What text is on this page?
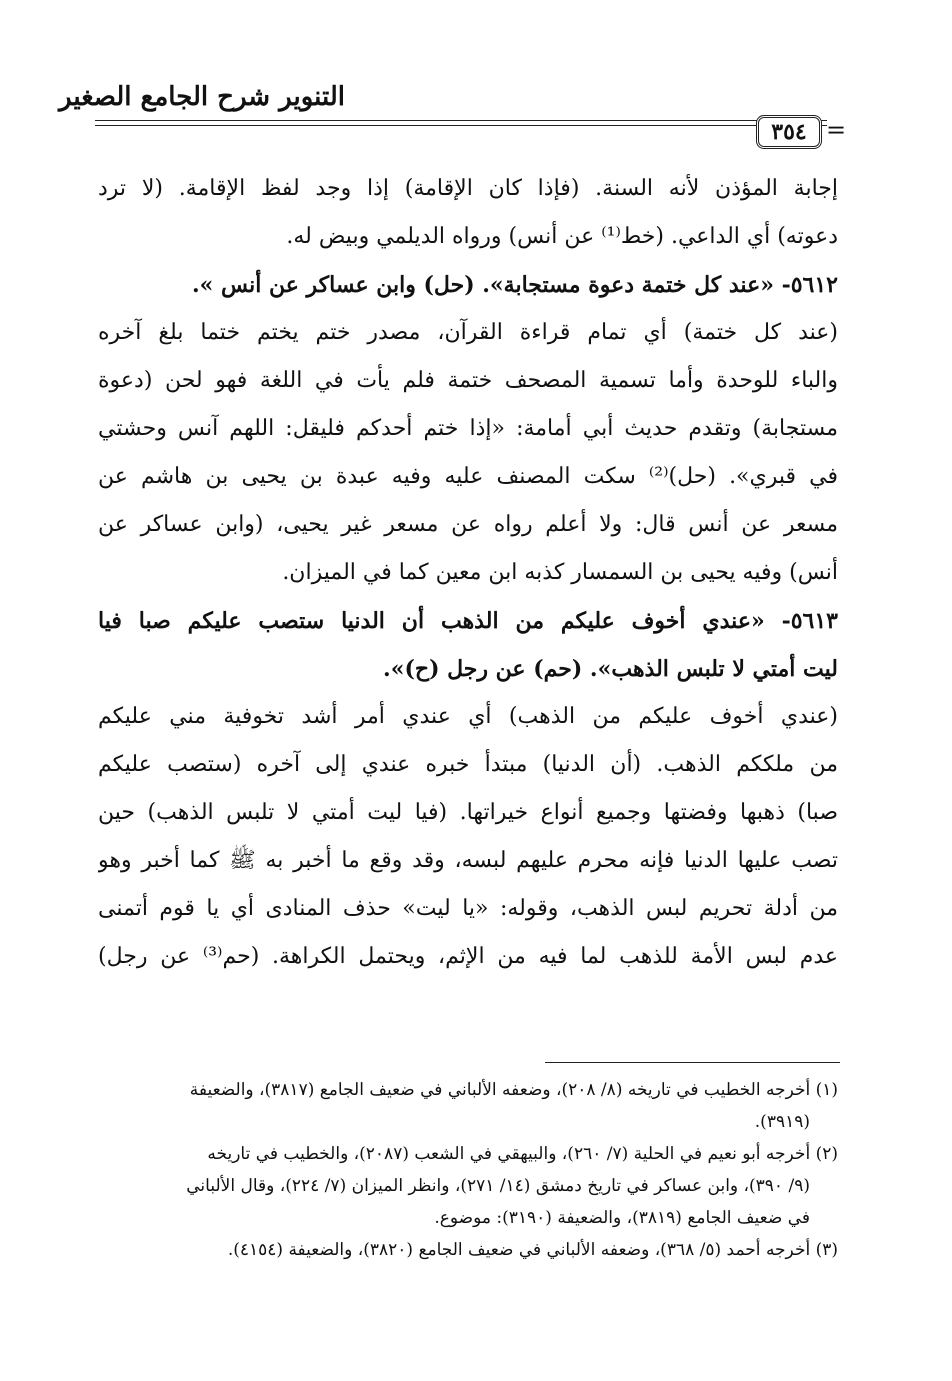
التنوير شرح الجامع الصغير
٣٥٤ =
إجابة المؤذن لأنه السنة. (فإذا كان الإقامة) إذا وجد لفظ الإقامة. (لا ترد
دعوته) أي الداعي. (خط⁽¹⁾ عن أنس) ورواه الديلمي وبيض له.
٥٦١٢- «عند كل ختمة دعوة مستجابة». (حل) وابن عساكر عن أنس ».
(عند كل ختمة) أي تمام قراءة القرآن، مصدر ختم يختم ختما بلغ آخره
والباء للوحدة وأما تسمية المصحف ختمة فلم يأت في اللغة فهو لحن (دعوة
مستجابة) وتقدم حديث أبي أمامة: «إذا ختم أحدكم فليقل: اللهم آنس وحشتي
في قبري». (حل)⁽²⁾ سكت المصنف عليه وفيه عبدة بن يحيى بن هاشم عن
مسعر عن أنس قال: ولا أعلم رواه عن مسعر غير يحيى، (وابن عساكر عن
أنس) وفيه يحيى بن السمسار كذبه ابن معين كما في الميزان.
٥٦١٣- «عندي أخوف عليكم من الذهب أن الدنيا ستصب عليكم صبا فيا
ليت أمتي لا تلبس الذهب». (حم) عن رجل (ح)».
(عندي أخوف عليكم من الذهب) أي عندي أمر أشد تخوفية مني عليكم
من ملككم الذهب. (أن الدنيا) مبتدأ خبره عندي إلى آخره (ستصب عليكم
صبا) ذهبها وفضتها وجميع أنواع خيراتها. (فيا ليت أمتي لا تلبس الذهب) حين
تصب عليها الدنيا فإنه محرم عليهم لبسه، وقد وقع ما أخبر به ﷺ كما أخبر وهو
من أدلة تحريم لبس الذهب، وقوله: «يا ليت» حذف المنادى أي يا قوم أتمنى
عدم لبس الأمة للذهب لما فيه من الإثم، ويحتمل الكراهة. (حم⁽³⁾ عن رجل)
(١) أخرجه الخطيب في تاريخه (٨/ ٢٠٨)، وضعفه الألباني في ضعيف الجامع (٣٨١٧)، والضعيفة
(٣٩١٩).
(٢) أخرجه أبو نعيم في الحلية (٧/ ٢٦٠)، والبيهقي في الشعب (٢٠٨٧)، والخطيب في تاريخه
(٩/ ٣٩٠)، وابن عساكر في تاريخ دمشق (١٤/ ٢٧١)، وانظر الميزان (٧/ ٢٢٤)، وقال الألباني
في ضعيف الجامع (٣٨١٩)، والضعيفة (٣١٩٠): موضوع.
(٣) أخرجه أحمد (٥/ ٣٦٨)، وضعفه الألباني في ضعيف الجامع (٣٨٢٠)، والضعيفة (٤١٥٤).
